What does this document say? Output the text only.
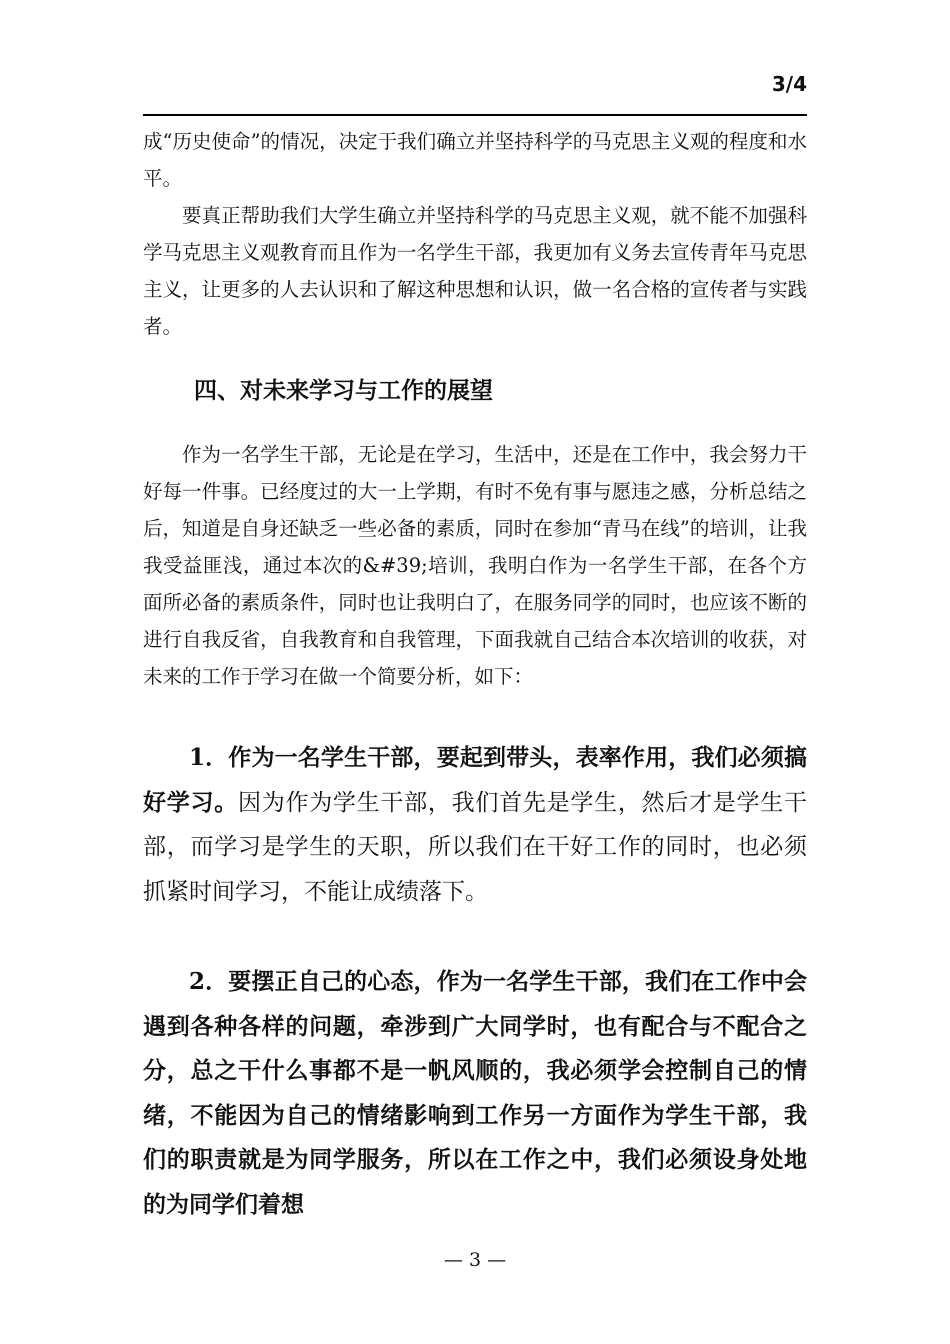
3/4

成“历史使命”的情况，决定于我们确立并坚持科学的马克思主义观的程度和水平。

要真正帮助我们大学生确立并坚持科学的马克思主义观，就不能不加强科学马克思主义观教育而且作为一名学生干部，我更加有义务去宣传青年马克思主义，让更多的人去认识和了解这种思想和认识，做一名合格的宣传者与实践者。

四、对未来学习与工作的展望

作为一名学生干部，无论是在学习，生活中，还是在工作中，我会努力干好每一件事。已经度过的大一上学期，有时不免有事与愿违之感，分析总结之后，知道是自身还缺乏一些必备的素质，同时在参加“青马在线”的培训，让我我受益匪浅，通过本次的&#39;培训，我明白作为一名学生干部，在各个方面所必备的素质条件，同时也让我明白了，在服务同学的同时，也应该不断的进行自我反省，自我教育和自我管理，下面我就自己结合本次培训的收获，对未来的工作于学习在做一个简要分析，如下：

1．作为一名学生干部，要起到带头，表率作用，我们必须搞好学习。因为作为学生干部，我们首先是学生，然后才是学生干部，而学习是学生的天职，所以我们在干好工作的同时，也必须抓紧时间学习，不能让成绩落下。

2．要摆正自己的心态，作为一名学生干部，我们在工作中会遇到各种各样的问题，牵涉到广大同学时，也有配合与不配合之分，总之干什么事都不是一帆风顺的，我必须学会控制自己的情绪，不能因为自己的情绪影响到工作另一方面作为学生干部，我们的职责就是为同学服务，所以在工作之中，我们必须设身处地的为同学们着想

— 3 —
